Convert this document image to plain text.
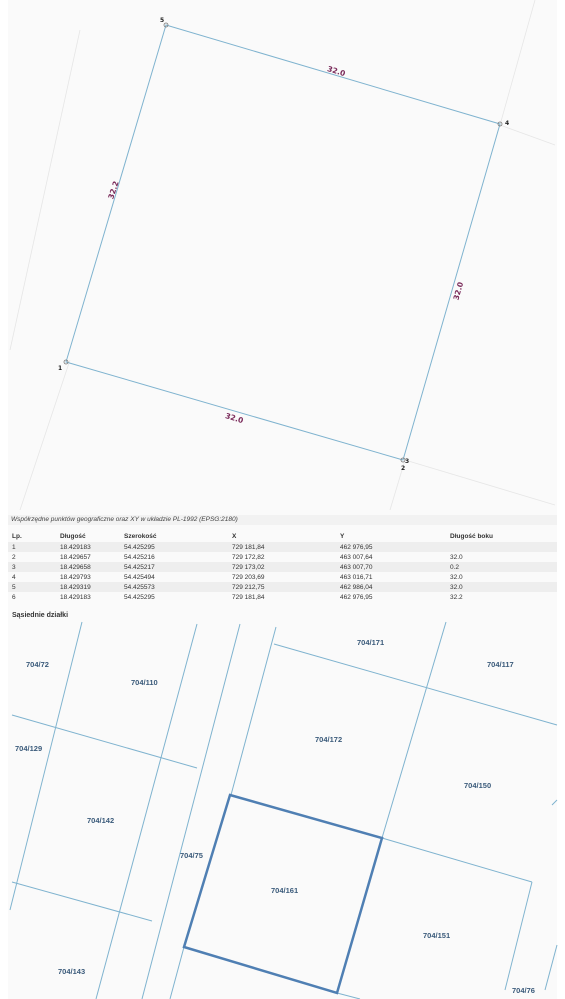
1
2
3
4
5
32.0
32.2
32.0
32.0
Współrzędne punktów geograficzne oraz XY w układzie PL-1992 (EPSG:2180)
Lp.	Długość	Szerokość	X	Y	Długość boku
1	18.429183	54.425295	729 181,84	462 976,95	
2	18.429657	54.425216	729 172,82	463 007,64	32.0
3	18.429658	54.425217	729 173,02	463 007,70	0.2
4	18.429793	54.425494	729 203,69	463 016,71	32.0
5	18.429319	54.425573	729 212,75	462 986,04	32.0
6	18.429183	54.425295	729 181,84	462 976,95	32.2
Sąsiednie działki
704/72
704/110
704/171
704/117
704/129
704/172
704/150
704/142
704/75
704/161
704/151
704/143
704/76
